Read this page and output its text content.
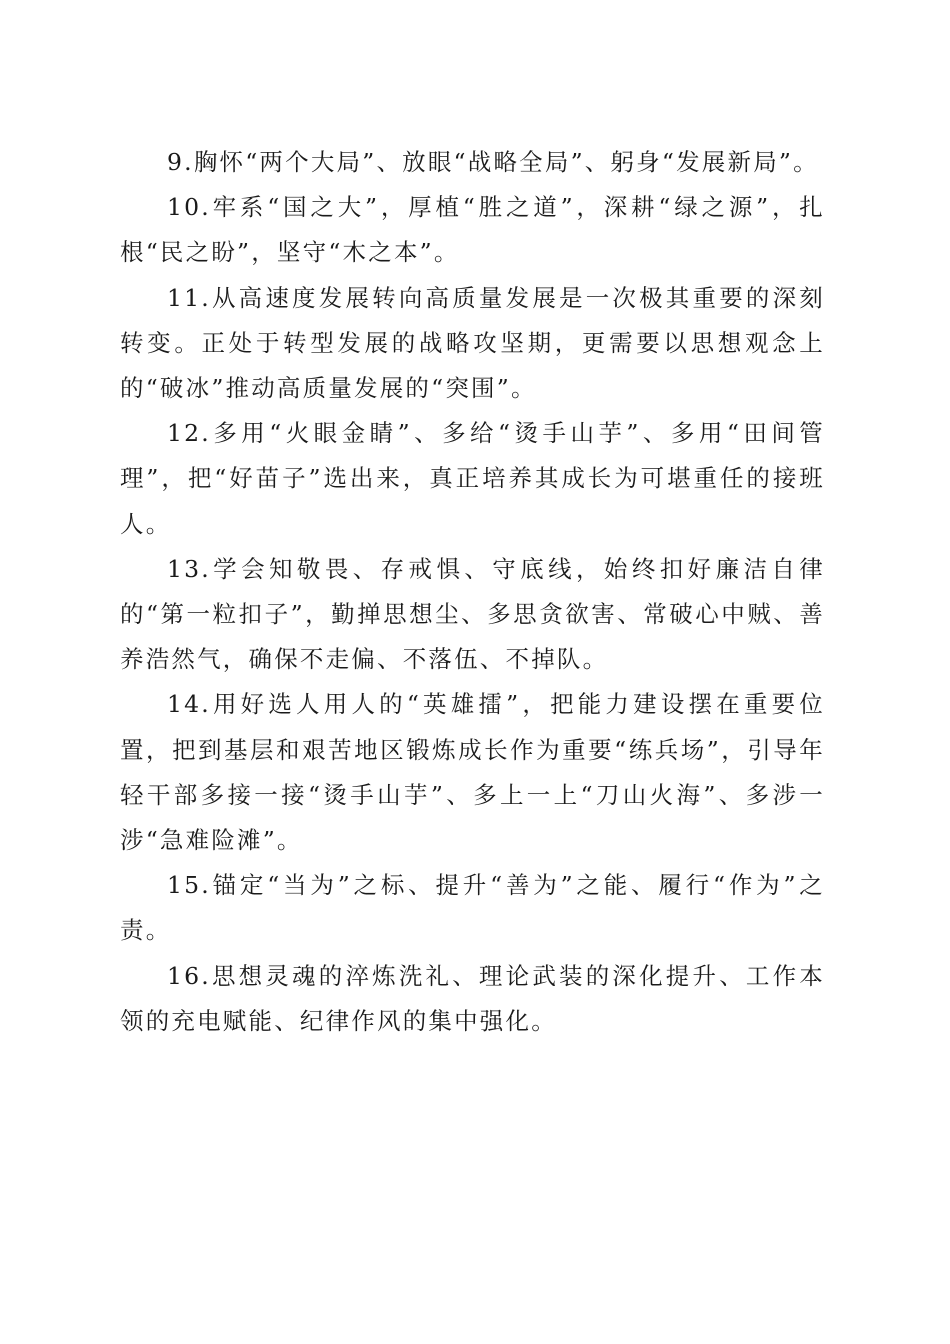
9.胸怀“两个大局”、放眼“战略全局”、躬身“发展新局”。

10.牢系“国之大”，厚植“胜之道”，深耕“绿之源”，扎根“民之盼”，坚守“木之本”。

11.从高速度发展转向高质量发展是一次极其重要的深刻转变。正处于转型发展的战略攻坚期，更需要以思想观念上的“破冰”推动高质量发展的“突围”。

12.多用“火眼金睛”、多给“烫手山芋”、多用“田间管理”，把“好苗子”选出来，真正培养其成长为可堪重任的接班人。

13.学会知敬畏、存戒惧、守底线，始终扣好廉洁自律的“第一粒扣子”，勤掸思想尘、多思贪欲害、常破心中贼、善养浩然气，确保不走偏、不落伍、不掉队。

14.用好选人用人的“英雄擂”，把能力建设摆在重要位置，把到基层和艰苦地区锻炼成长作为重要“练兵场”，引导年轻干部多接一接“烫手山芋”、多上一上“刀山火海”、多涉一涉“急难险滩”。

15.锚定“当为”之标、提升“善为”之能、履行“作为”之责。

16.思想灵魂的淬炼洗礼、理论武装的深化提升、工作本领的充电赋能、纪律作风的集中强化。
